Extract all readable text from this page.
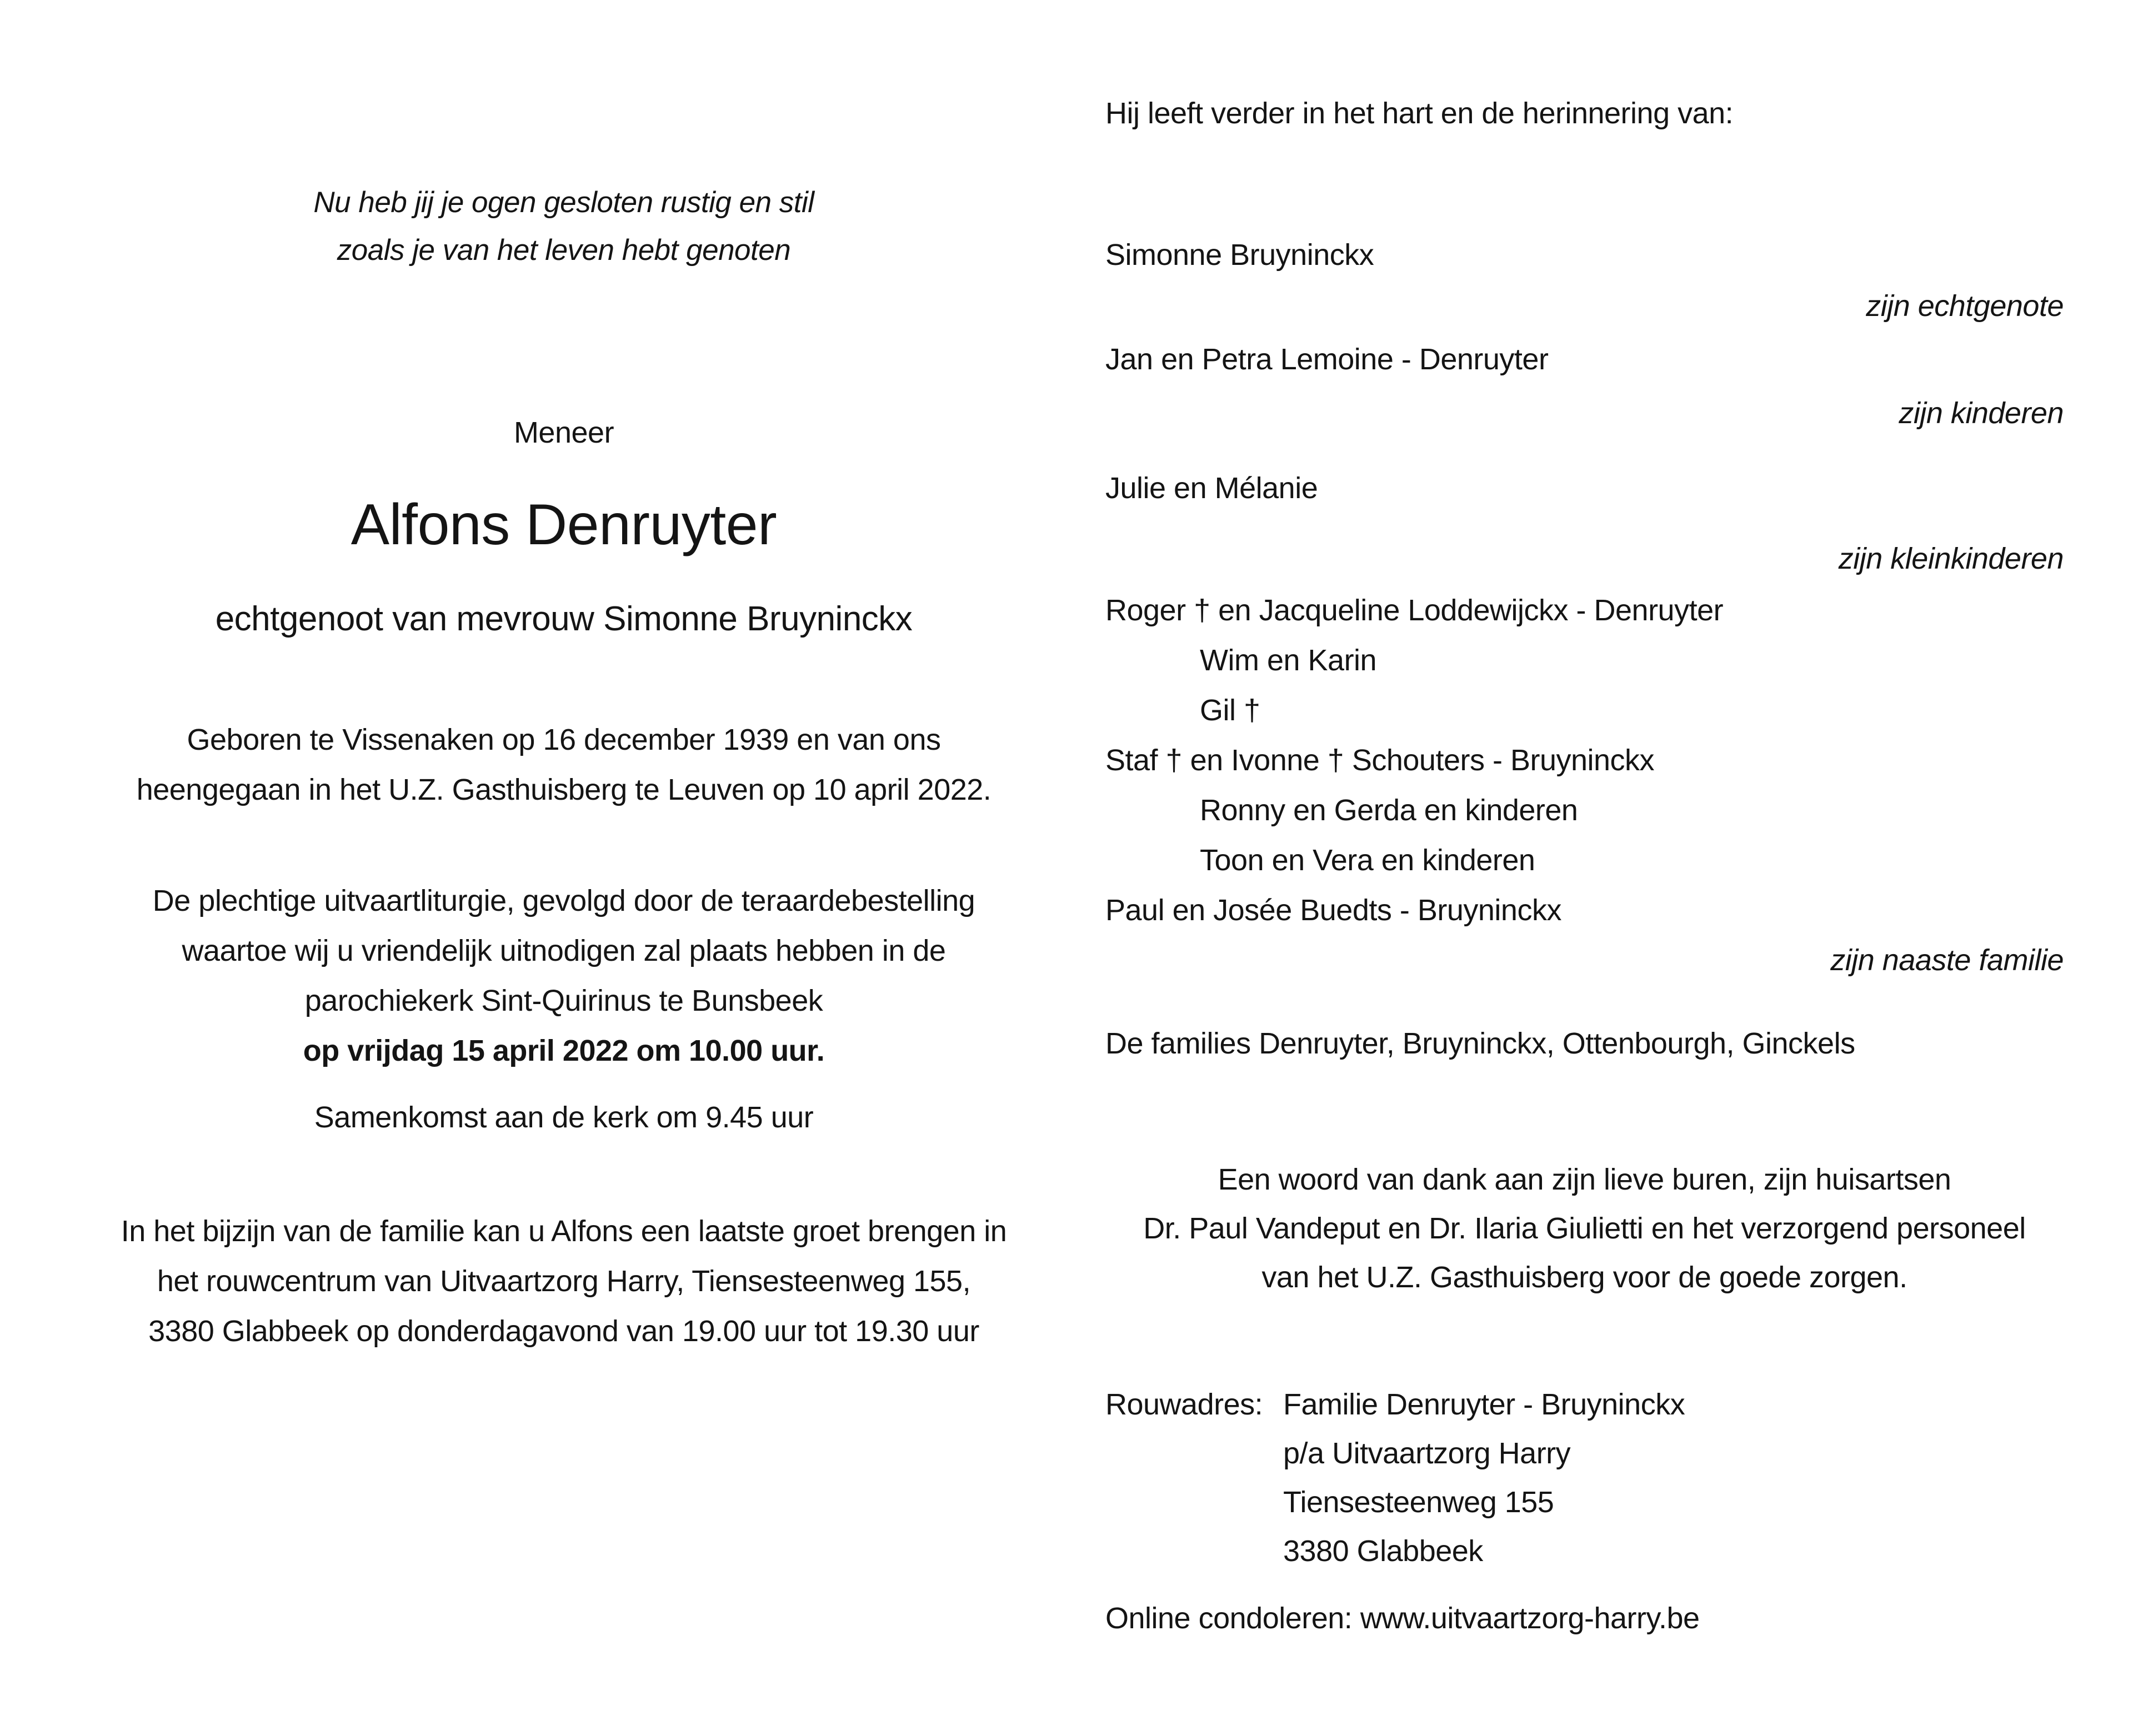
Nu heb jij je ogen gesloten rustig en stil
zoals je van het leven hebt genoten
Meneer
Alfons Denruyter
echtgenoot van mevrouw Simonne Bruyninckx
Geboren te Vissenaken op 16 december 1939 en van ons
heengegaan in het U.Z. Gasthuisberg te Leuven op 10 april 2022.
De plechtige uitvaartliturgie, gevolgd door de teraardebestelling
waartoe wij u vriendelijk uitnodigen zal plaats hebben in de
parochiekerk Sint-Quirinus te Bunsbeek
op vrijdag 15 april 2022 om 10.00 uur.
Samenkomst aan de kerk om 9.45 uur
In het bijzijn van de familie kan u Alfons een laatste groet brengen in
het rouwcentrum van Uitvaartzorg Harry, Tiensesteenweg 155,
3380 Glabbeek op donderdagavond van 19.00 uur tot 19.30 uur
Hij leeft verder in het hart en de herinnering van:
Simonne Bruyninckx
zijn echtgenote
Jan en Petra Lemoine - Denruyter
zijn kinderen
Julie en Mélanie
zijn kleinkinderen
Roger † en Jacqueline Loddewijckx - Denruyter
Wim en Karin
Gil †
Staf † en Ivonne † Schouters - Bruyninckx
Ronny en Gerda en kinderen
Toon en Vera en kinderen
Paul en Josée Buedts - Bruyninckx
zijn naaste familie
De families Denruyter, Bruyninckx, Ottenbourgh, Ginckels
Een woord van dank aan zijn lieve buren, zijn huisartsen
Dr. Paul Vandeput en Dr. Ilaria Giulietti en het verzorgend personeel
van het U.Z. Gasthuisberg voor de goede zorgen.
Rouwadres: Familie Denruyter - Bruyninckx
p/a Uitvaartzorg Harry
Tiensesteenweg 155
3380 Glabbeek
Online condoleren: www.uitvaartzorg-harry.be
